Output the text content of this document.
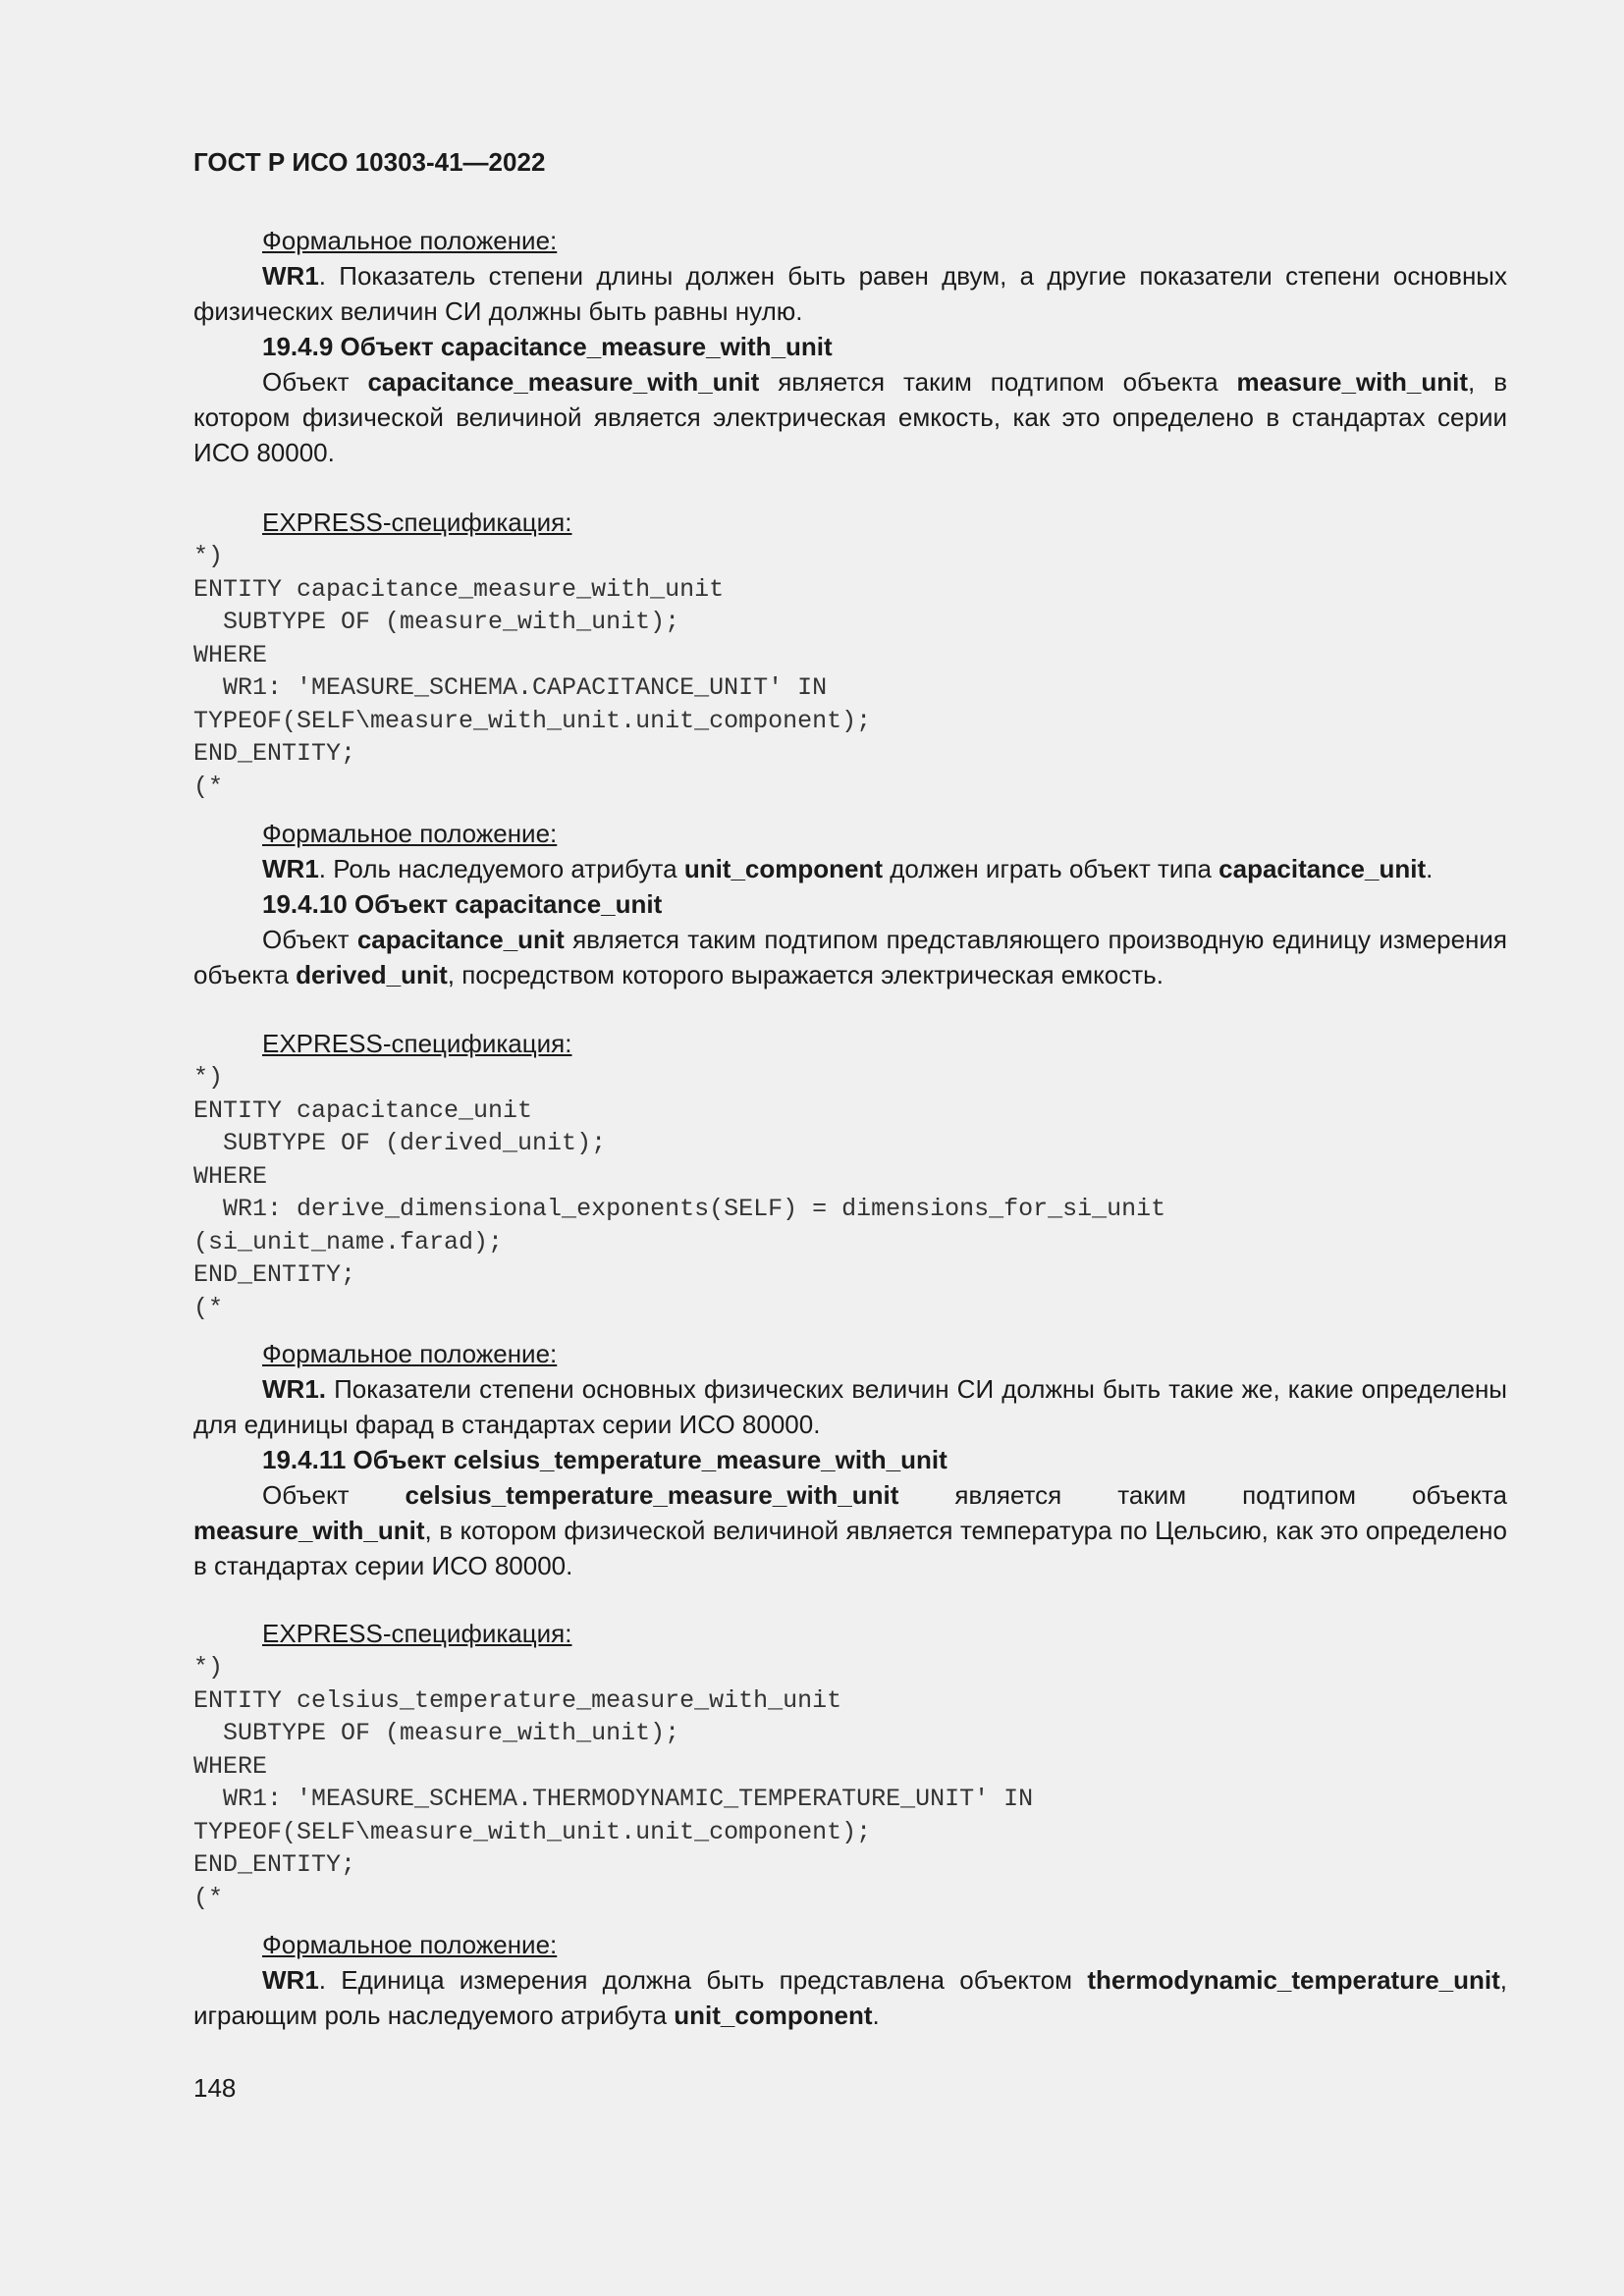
ГОСТ Р ИСО 10303-41—2022

Формальное положение:

WR1. Показатель степени длины должен быть равен двум, а другие показатели степени основных физических величин СИ должны быть равны нулю.

19.4.9 Объект capacitance_measure_with_unit

Объект capacitance_measure_with_unit является таким подтипом объекта measure_with_unit, в котором физической величиной является электрическая емкость, как это определено в стандартах серии ИСО 80000.

EXPRESS-спецификация:

*)
ENTITY capacitance_measure_with_unit
SUBTYPE OF (measure_with_unit);
WHERE
WR1: 'MEASURE_SCHEMA.CAPACITANCE_UNIT' IN
TYPEOF(SELF\measure_with_unit.unit_component);
END_ENTITY;
(*

Формальное положение:

WR1. Роль наследуемого атрибута unit_component должен играть объект типа capacitance_unit.

19.4.10 Объект capacitance_unit

Объект capacitance_unit является таким подтипом представляющего производную единицу измерения объекта derived_unit, посредством которого выражается электрическая емкость.

EXPRESS-спецификация:

*)
ENTITY capacitance_unit
SUBTYPE OF (derived_unit);
WHERE
WR1: derive_dimensional_exponents(SELF) = dimensions_for_si_unit
(si_unit_name.farad);
END_ENTITY;
(*

Формальное положение:

WR1. Показатели степени основных физических величин СИ должны быть такие же, какие определены для единицы фарад в стандартах серии ИСО 80000.

19.4.11 Объект celsius_temperature_measure_with_unit

Объект celsius_temperature_measure_with_unit является таким подтипом объекта measure_with_unit, в котором физической величиной является температура по Цельсию, как это определено в стандартах серии ИСО 80000.

EXPRESS-спецификация:

*)
ENTITY celsius_temperature_measure_with_unit
SUBTYPE OF (measure_with_unit);
WHERE
WR1: 'MEASURE_SCHEMA.THERMODYNAMIC_TEMPERATURE_UNIT' IN
TYPEOF(SELF\measure_with_unit.unit_component);
END_ENTITY;
(*

Формальное положение:

WR1. Единица измерения должна быть представлена объектом thermodynamic_temperature_unit, играющим роль наследуемого атрибута unit_component.

148
